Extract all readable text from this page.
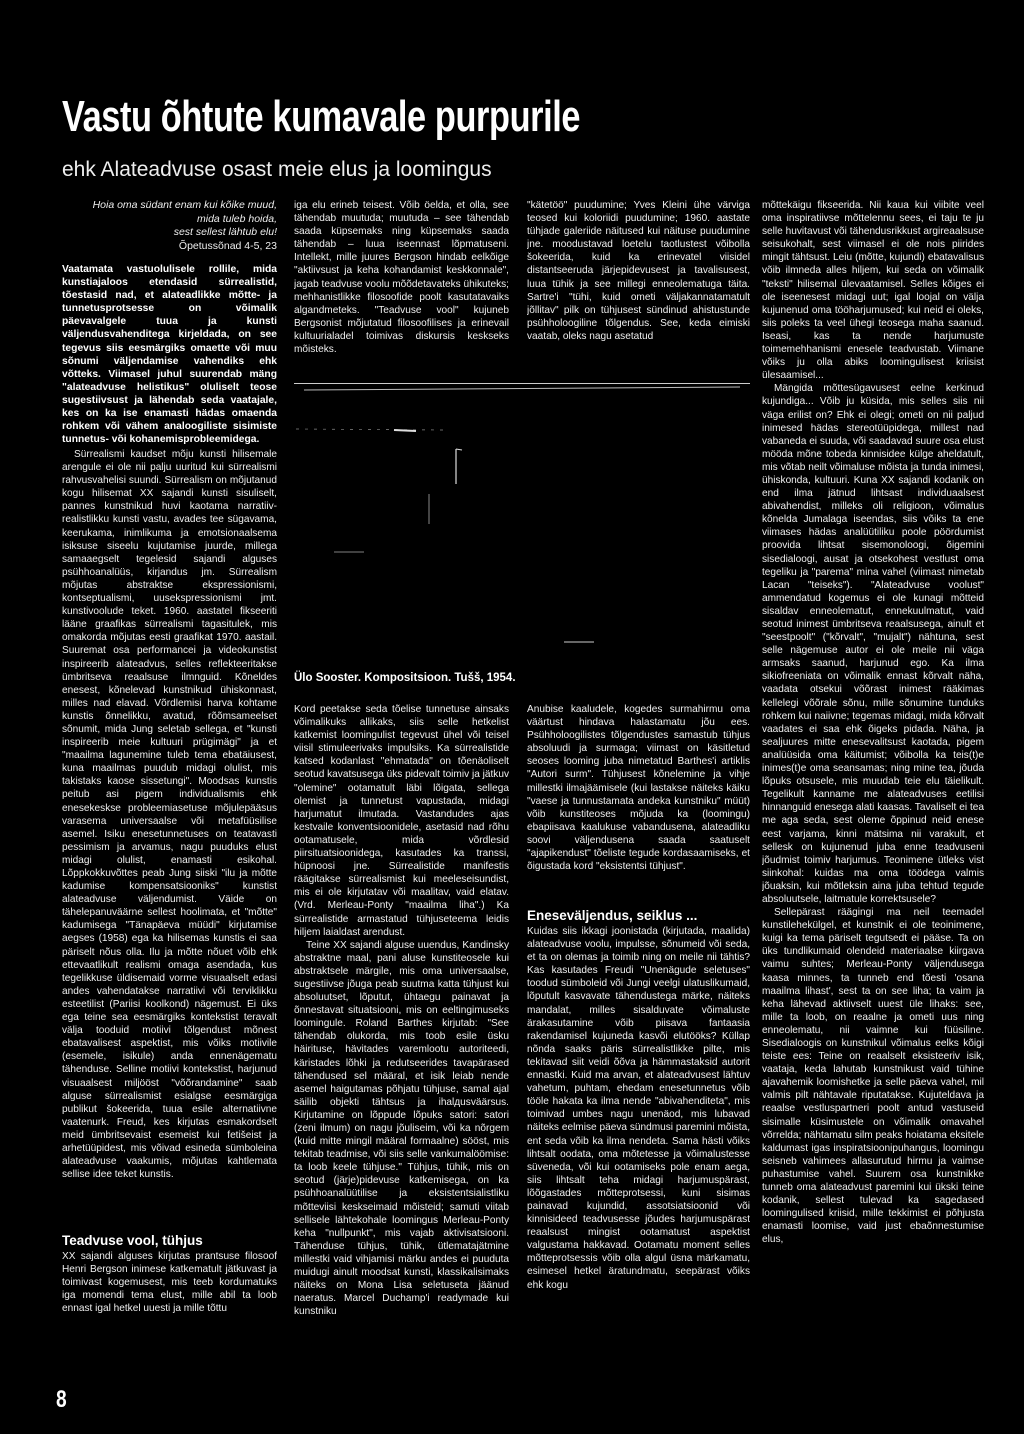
Vastu õhtute kumavale purpurile
ehk Alateadvuse osast meie elus ja loomingus
Hoia oma südant enam kui kõike muud,
mida tuleb hoida,
sest sellest lähtub elu!
Õpetussõnad 4-5, 23
Vaatamata vastuolulisele rollile, mida kunstiajaloos etendasid sürrealistid, tõestasid nad, et alateadlikke mõtte- ja tunnetusprotsesse on võimalik päevavalgele tuua ja kunsti väljendusvahenditega kirjeldada, on see tegevus siis eesmärgiks omaette või muu sõnumi väljendamise vahendiks ehk võtteks. Viimasel juhul suurendab mäng "alateadvuse helistikus" oluliselt teose sugestiivsust ja lähendab seda vaatajale, kes on ka ise enamasti hädas omaenda rohkem või vähem analoogiliste sisimiste tunnetus- või kohanemisprobleemidega.

Sürrealismi kaudset mõju kunsti hilisemale arengule ei ole nii palju uuritud kui sürrealismi rahvusvahelisi suundi. Sürrealism on mõjutanud kogu hilisemat XX sajandi kunsti sisuliselt, pannes kunstnikud huvi kaotama narratiiv-realistlikku kunsti vastu, avades tee sügavama, keerukama, inimlikuma ja emotsionaalsema isiksuse siseelu kujutamise juurde, millega samaaegselt tegelesid sajandi alguses psühhoanalüüs, kirjandus jm. Sürrealism mõjutas abstraktse ekspressionismi, kontseptualismi, uusekspressionismi jmt. kunstivoolude teket. 1960. aastatel fikseeriti lääne graafikas sürrealismi tagasitulek, mis omakorda mõjutas eesti graafikat 1970. aastail. Suuremat osa performancei ja videokunstist inspireerib alateadvus, selles reflekteeritakse ümbritseva reaalsuse ilmnguid. Kõneldes enesest, kõnelevad kunstnikud ühiskonnast, milles nad elavad. Võrdlemisi harva kohtame kunstis õnnelikku, avatud, rõõmsameelset sõnumit, mida Jung seletab sellega, et "kunsti inspireerib meie kultuuri prügimägi" ja et "maailma lagunemine tuleb tema ebatäiusest, kuna maailmas puudub midagi olulist, mis takistaks kaose sissetungi". Moodsas kunstis peitub asi pigem individualismis ehk enesekeskse probleemiasetuse mõjulepääsus varasema universaalse või metafüüsilise asemel. Isiku enesetunnetuses on teatavasti pessimism ja arvamus, nagu puuduks elust midagi olulist, enamasti esikohal. Lõppkokkuvõttes peab Jung siiski "ilu ja mõtte kadumise kompensatsiooniks" kunstist alateadvuse väljendumist. Väide on tähelepanuväärne sellest hoolimata, et "mõtte" kadumisega "Tänapäeva müüdi" kirjutamise aegses (1958) ega ka hilisemas kunstis ei saa päriselt nõus olla. Ilu ja mõtte nõuet võib ehk ettevaatlikult realismi omaga asendada, kus tegelikkuse üldisemaid vorme visuaalselt edasi andes vahendatakse narratiivi või terviklikku esteetilist (Pariisi koolkond) nägemust. Ei üks ega teine sea eesmärgiks kontekstist teravalt välja tooduid motiivi tõlgendust mõnest ebatavalisest aspektist, mis võiks motiivile (esemele, isikule) anda ennenägematu tähenduse. Selline motiivi kontekstist, harjunud visuaalsest miljööst "võõrandamine" saab alguse sürrealismist esialgse eesmärgiga publikut šokeerida, tuua esile alternatiivne vaatenurk. Freud, kes kirjutas esmakordselt meid ümbritsevaist esemeist kui fetišeist ja arhetüüpidest, mis võivad esineda sümboleina alateadvuse vaakumis, mõjutas kahtlemata sellise idee teket kunstis.

Teadvuse vool, tühjus

XX sajandi alguses kirjutas prantsuse filosoof Henri Bergson inimese katkematult jätkuvast ja toimivast kogemusest, mis teeb kordumatuks iga momendi tema elust, mille abil ta loob ennast igal hetkel uuesti ja mille tõttu

8

iga elu erineb teisest. Võib öelda, et olla, see tähendab muutuda; muutuda – see tähendab saada küpsemaks ning küpsemaks saada tähendab – luua iseennast lõpmatuseni. Intellekt, mille juures Bergson hindab eelkõige "aktiivsust ja keha kohandamist keskkonnale", jagab teadvuse voolu mõõdetavateks ühikuteks; mehhanistlikke filosoofide poolt kasutatavaiks algandmeteks. "Teadvuse vool" kujuneb Bergsonist mõjutatud filosoofilises ja erinevail kultuurialadel toimivas diskursis keskseks mõisteks.

"kätetöö" puudumine; Yves Kleini ühe värviga teosed kui koloriidi puudumine; 1960. aastate tühjade galeriide näitused kui näituse puudumine jne. moodustavad loetelu taotlustest võibolla šokeerida, kuid ka erinevatel viisidel distantseeruda järjepidevusest ja tavalisusest, luua tühik ja see millegi enneolematuga täita. Sartre'i "tühi, kuid ometi väljakannatamatult jõllitav" pilk on tühjusest sündinud ahistustunde psühholoogiline tõlgendus. See, keda eimiski vaatab, oleks nagu asetatud

Ülo Sooster. Kompositsioon. Tušš, 1954.

Kord peetakse seda tõelise tunnetuse ainsaks võimalikuks allikaks, siis selle hetkelist katkemist loomingulist tegevust ühel või teisel viisil stimuleerivaks impulsiks. Ka sürrealistide katsed kodanlast "ehmatada" on tõenäoliselt seotud kavatsusega üks pidevalt toimiv ja jätkuv "olemine" ootamatult läbi lõigata, sellega olemist ja tunnetust vapustada, midagi harjumatut ilmutada. Vastandudes ajas kestvaile konventsioonidele, asetasid nad rõhu ootamatusele, mida võrdlesid piirsituatsioonidega, kasutades ka transsi, hüpnoosi jne. Sürrealistide manifestis räägitakse sürrealismist kui meeleseisundist, mis ei ole kirjutatav või maalitav, vaid elatav. (Vrd. Merleau-Ponty "maailma liha".) Ka sürrealistide armastatud tühjuseteema leidis hiljem laialdast arendust.

Teine XX sajandi alguse uuendus, Kandinsky abstraktne maal, pani aluse kunstiteosele kui abstraktsele märgile, mis oma universaalse, sugestiivse jõuga peab suutma katta tühjust kui absoluutset, lõputut, ühtaegu painavat ja õnnestavat situatsiooni, mis on eeltingimuseks loomingule. Roland Barthes kirjutab: "See tähendab olukorda, mis toob esile üsku häirituse, hävitades varemlootu autoriteedi, käristades lõhki ja redutseerides tavapärased tähendused sel määral, et isik leiab nende asemel haigutamas põhjatu tühjuse, samal ajal säilib objekti tähtsus ja ihalдusväärsus. Kirjutamine on lõppude lõpuks satori: satori (zeni ilmum) on nagu jõuliseim, või ka nõrgem (kuid mitte mingil määral formaalne) sööst, mis tekitab teadmise, või siis selle vankumalöömise: ta loob keele tühjuse." Tühjus, tühik, mis on seotud (järje)pidevuse katkemisega, on ka psühhoanalüütilise ja eksistentsialistliku mõtteviisi keskseimaid mõisteid; samuti viitab sellisele lähtekohale loomingus Merleau-Ponty keha "nullpunkt", mis vajab aktivisatsiooni. Tähenduse tühjus, tühik, ütlematajätmine millestki vaid vihjamisi märku andes ei puuduta muidugi ainult moodsat kunsti, klassikalisimaks näiteks on Mona Lisa seletuseta jäänud naeratus. Marcel Duchamp'i readymade kui kunstniku

Anubise kaaludele, kogedes surmahirmu oma väärtust hindava halastamatu jõu ees. Psühholoogilistes tõlgendustes samastub tühjus absoluudi ja surmaga; viimast on käsitletud seoses looming juba nimetatud Barthes'i artiklis "Autori surm". Tühjusest kõnelemine ja vihje millestki ilmajäämisele (kui lastakse näiteks käiku "vaese ja tunnustamata andeka kunstniku" müüt) võib kunstiteoses mõjuda ka (loomingu) ebapiisava kaalukuse vabandusena, alateadliku soovi väljendusena saada saatuselt "ajapikendust" tõeliste tegude kordasaamiseks, et õigustada kord "eksistentsi tühjust".

Eneseväljendus, seiklus ...

Kuidas siis ikkagi joonistada (kirjutada, maalida) alateadvuse voolu, impulsse, sõnumeid või seda, et ta on olemas ja toimib ning on meile nii tähtis? Kas kasutades Freudi "Unenägude seletuses" toodud sümboleid või Jungi veelgi ulatuslikumaid, lõputult kasvavate tähendustega märke, näiteks mandalat, milles sisalduvate võimaluste ärakasutamine võib piisava fantaasia rakendamisel kujuneda kasvõi elutööks? Küllap nõnda saaks päris sürrealistlikke pilte, mis tekitavad siit veidi õõva ja hämmastaksid autorit ennastki. Kuid ma arvan, et alateadvusest lähtuv vahetum, puhtam, ehedam enesetunnetus võib tööle hakata ka ilma nende "abivahenditeta", mis toimivad umbes nagu unenäod, mis lubavad näiteks eelmise päeva sündmusi paremini mõista, ent seda võib ka ilma nendeta. Sama hästi võiks lihtsalt oodata, oma mõtetesse ja võimalustesse süveneda, või kui ootamiseks pole enam aega, siis lihtsalt teha midagi harjumuspärast, lõõgastades mõtteprotsessi, kuni sisimas painavad kujundid, assotsiatsioonid või kinnisideed teadvusesse jõudes harjumuspärast reaalsust mingist ootamatust aspektist valgustama hakkavad. Ootamatu moment selles mõtteprotsessis võib olla algul üsna märkamatu, esimesel hetkel äratundmatu, seepärast võiks ehk kogu

mõttekäigu fikseerida. Nii kaua kui viibite veel oma inspiratiivse mõttelennu sees, ei taju te ju selle huvitavust või tähendusrikkust argireaalsuse seisukohalt, sest viimasel ei ole nois piirides mingit tähtsust. Leiu (mõtte, kujundi) ebatavalisus võib ilmneda alles hiljem, kui seda on võimalik "teksti" hilisemal ülevaatamisel. Selles kõiges ei ole iseenesest midagi uut; igal loojal on välja kujunenud oma tööharjumused; kui neid ei oleks, siis poleks ta veel ühegi teosega maha saanud. Iseasi, kas ta nende harjumuste toimemehhanismi enesele teadvustab. Viimane võiks ju olla abiks loomingulisest kriisist ülesaamisel...

Mängida mõttesügavusest eelne kerkinud kujundiga... Võib ju küsida, mis selles siis nii väga erilist on? Ehk ei olegi; ometi on nii paljud inimesed hädas stereotüüpidega, millest nad vabaneda ei suuda, või saadavad suure osa elust mööda mõne tobeda kinnisidee külge aheldatult, mis võtab neilt võimaluse mõista ja tunda inimesi, ühiskonda, kultuuri. Kuna XX sajandi kodanik on end ilma jätnud lihtsast individuaalsest abivahendist, milleks oli religioon, võimalus kõnelda Jumalaga iseendas, siis võiks ta ene viimases hädas analüütiliku poole pöördumist proovida lihtsat sisemonoloogi, õigemini sisedialoogi, ausat ja otsekohest vestlust oma tegeliku ja "parema" mina vahel (viimast nimetab Lacan "teiseks"). "Alateadvuse voolust" ammendatud kogemus ei ole kunagi mõtteid sisaldav enneolematut, ennekuulmatut, vaid seotud inimest ümbritseva reaalsusega, ainult et "seestpoolt" ("kõrvalt", "mujalt") nähtuna, sest selle nägemuse autor ei ole meile nii väga armsaks saanud, harjunud ego. Ka ilma sikiofreeniata on võimalik ennast kõrvalt näha, vaadata otsekui võõrast inimest rääkimas kellelegi võõrale sõnu, mille sõnumine tunduks rohkem kui naiivne; tegemas midagi, mida kõrvalt vaadates ei saa ehk õigeks pidada. Näha, ja sealjuures mitte enesevalitsust kaotada, pigem analüüsida oma käitumist; võibolla ka teis(t)e inimes(t)e oma seansamas; ning mine tea, jõuda lõpuks otsusele, mis muudab teie elu täielikult. Tegelikult kanname me alateadvuses eetilisi hinnanguid enesega alati kaasas. Tavaliselt ei tea me aga seda, sest oleme õppinud neid enese eest varjama, kinni mätsima nii varakult, et sellesk on kujunenud juba enne teadvuseni jõudmist toimiv harjumus. Teonimene ütleks vist siinkohal: kuidas ma oma töödega valmis jõuaksin, kui mõtleksin aina juba tehtud tegude absoluutsele, laitmatule korrektsusele?

Sellepärast räägingi ma neil teemadel kunstilehekülgel, et kunstnik ei ole teoinimene, kuigi ka tema päriselt tegutsedt ei pääse. Ta on üks tundlikumaid olendeid materiaalse kiirgava vaimu suhtes; Merleau-Ponty väljendusega kaasa minnes, ta tunneb end tõesti 'osana maailma lihast', sest ta on see liha; ta vaim ja keha lähevad aktiivselt uuest üle lihaks: see, mille ta loob, on reaalne ja ometi uus ning enneolematu, nii vaimne kui füüsiline. Sisedialoogis on kunstnikul võimalus eelks kõigi teiste ees: Teine on reaalselt eksisteeriv isik, vaataja, keda lahutab kunstnikust vaid tühine ajavahemik loomishetke ja selle päeva vahel, mil valmis pilt nähtavale riputatakse. Kujuteldava ja reaalse vestluspartneri poolt antud vastuseid sisimalle küsimustele on võimalik omavahel võrrelda; nähtamatu silm peaks hoiatama eksitele kaldumast igas inspiratsioonipuhangus, loomingu seisneb vahimees allasurutud hirmu ja vaimse puhastumise vahel. Suurem osa kunstnikke tunneb oma alateadvust paremini kui ükski teine kodanik, sellest tulevad ka sagedased loomingulised kriisid, mille tekkimist ei põhjusta enamasti loomise, vaid just ebaõnnestumise elus,
